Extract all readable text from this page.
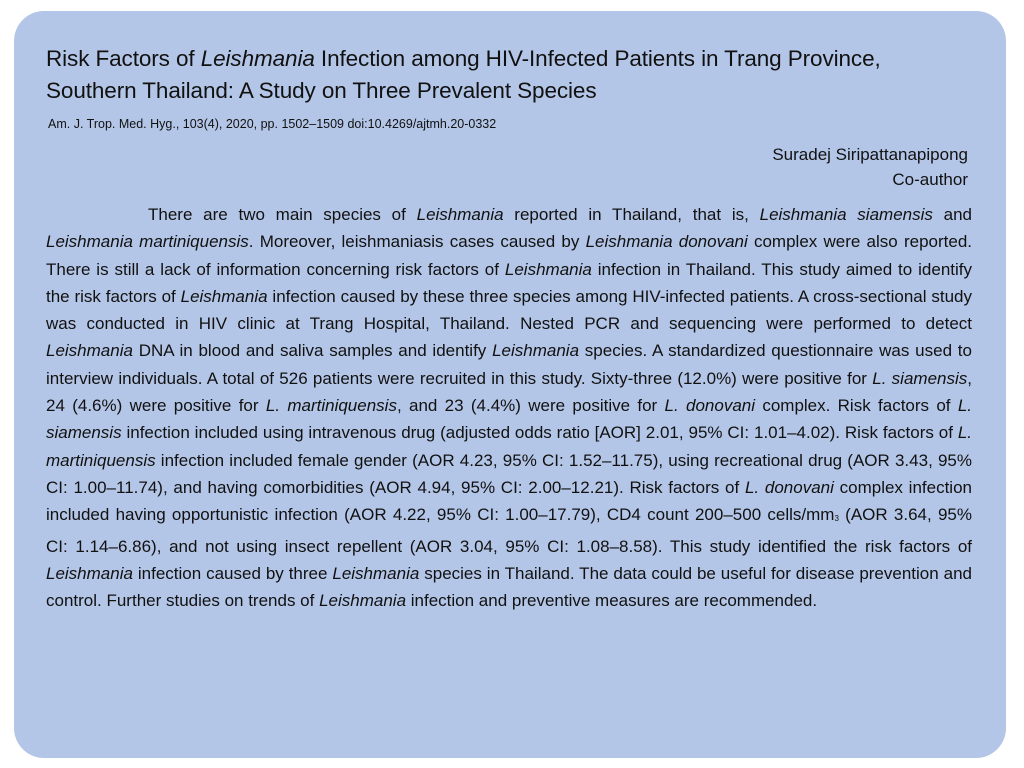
Risk Factors of Leishmania Infection among HIV-Infected Patients in Trang Province, Southern Thailand: A Study on Three Prevalent Species
Am. J. Trop. Med. Hyg., 103(4), 2020, pp. 1502–1509 doi:10.4269/ajtmh.20-0332
Suradej Siripattanapipong
Co-author

There are two main species of Leishmania reported in Thailand, that is, Leishmania siamensis and Leishmania martiniquensis. Moreover, leishmaniasis cases caused by Leishmania donovani complex were also reported. There is still a lack of information concerning risk factors of Leishmania infection in Thailand. This study aimed to identify the risk factors of Leishmania infection caused by these three species among HIV-infected patients. A cross-sectional study was conducted in HIV clinic at Trang Hospital, Thailand. Nested PCR and sequencing were performed to detect Leishmania DNA in blood and saliva samples and identify Leishmania species. A standardized questionnaire was used to interview individuals. A total of 526 patients were recruited in this study. Sixty-three (12.0%) were positive for L. siamensis, 24 (4.6%) were positive for L. martiniquensis, and 23 (4.4%) were positive for L. donovani complex. Risk factors of L. siamensis infection included using intravenous drug (adjusted odds ratio [AOR] 2.01, 95% CI: 1.01–4.02). Risk factors of L. martiniquensis infection included female gender (AOR 4.23, 95% CI: 1.52–11.75), using recreational drug (AOR 3.43, 95% CI: 1.00–11.74), and having comorbidities (AOR 4.94, 95% CI: 2.00–12.21). Risk factors of L. donovani complex infection included having opportunistic infection (AOR 4.22, 95% CI: 1.00–17.79), CD4 count 200–500 cells/mm3 (AOR 3.64, 95% CI: 1.14–6.86), and not using insect repellent (AOR 3.04, 95% CI: 1.08–8.58). This study identified the risk factors of Leishmania infection caused by three Leishmania species in Thailand. The data could be useful for disease prevention and control. Further studies on trends of Leishmania infection and preventive measures are recommended.
